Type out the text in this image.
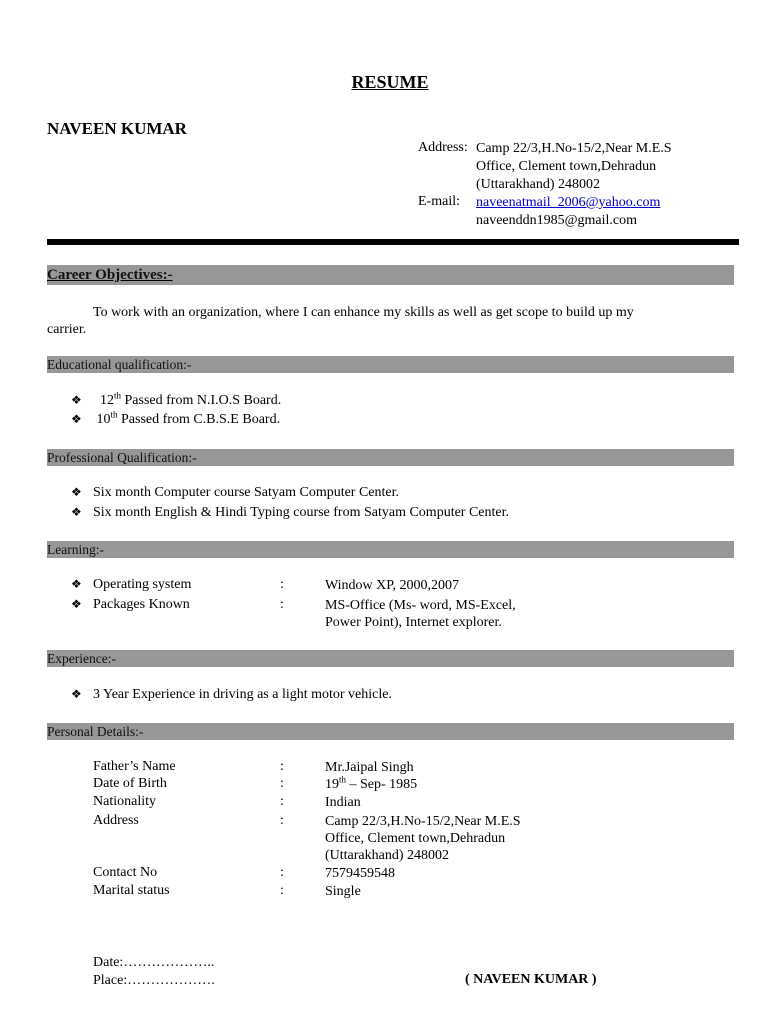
RESUME
NAVEEN KUMAR
Address: Camp 22/3,H.No-15/2,Near M.E.S
Office, Clement town,Dehradun
(Uttarakhand) 248002
E-mail: naveenatmail_2006@yahoo.com
naveenddn1985@gmail.com
Career Objectives:-
To work with an organization, where I can enhance my skills as well as get scope to build up my
carrier.
Educational qualification:-
❖ 12th Passed from N.I.O.S Board.
❖ 10th Passed from C.B.S.E Board.
Professional Qualification:-
❖ Six month Computer course Satyam Computer Center.
❖ Six month English & Hindi Typing course from Satyam Computer Center.
Learning:-
❖ Operating system	:	Window XP, 2000,2007
❖ Packages Known	:	MS-Office (Ms- word, MS-Excel,
Power Point), Internet explorer.
Experience:-
❖ 3 Year Experience in driving as a light motor vehicle.
Personal Details:-
Father’s Name	:	Mr.Jaipal Singh
Date of Birth	:	19th – Sep- 1985
Nationality	:	Indian
Address	:	Camp 22/3,H.No-15/2,Near M.E.S
Office, Clement town,Dehradun
(Uttarakhand) 248002
Contact No	:	7579459548
Marital status	:	Single
Date:………………..
Place:……………….	( NAVEEN KUMAR )
